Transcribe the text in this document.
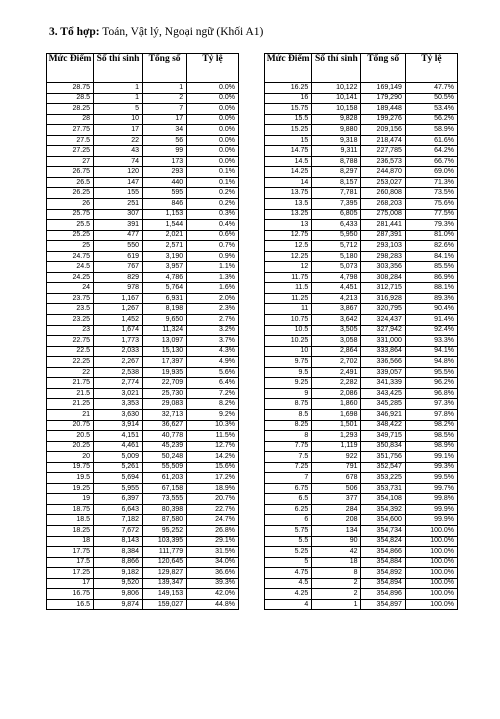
3. Tổ hợp: Toán, Vật lý, Ngoại ngữ (Khối A1)
Mức Điểm	Số thí sinh	Tổng số	Tỷ lệ
28.75	1	1	0.0%
28.5	1	2	0.0%
28.25	5	7	0.0%
28	10	17	0.0%
27.75	17	34	0.0%
27.5	22	56	0.0%
27.25	43	99	0.0%
27	74	173	0.0%
26.75	120	293	0.1%
26.5	147	440	0.1%
26.25	155	595	0.2%
26	251	846	0.2%
25.75	307	1,153	0.3%
25.5	391	1,544	0.4%
25.25	477	2,021	0.6%
25	550	2,571	0.7%
24.75	619	3,190	0.9%
24.5	767	3,957	1.1%
24.25	829	4,786	1.3%
24	978	5,764	1.6%
23.75	1,167	6,931	2.0%
23.5	1,267	8,198	2.3%
23.25	1,452	9,650	2.7%
23	1,674	11,324	3.2%
22.75	1,773	13,097	3.7%
22.5	2,033	15,130	4.3%
22.25	2,267	17,397	4.9%
22	2,538	19,935	5.6%
21.75	2,774	22,709	6.4%
21.5	3,021	25,730	7.2%
21.25	3,353	29,083	8.2%
21	3,630	32,713	9.2%
20.75	3,914	36,627	10.3%
20.5	4,151	40,778	11.5%
20.25	4,461	45,239	12.7%
20	5,009	50,248	14.2%
19.75	5,261	55,509	15.6%
19.5	5,694	61,203	17.2%
19.25	5,955	67,158	18.9%
19	6,397	73,555	20.7%
18.75	6,643	80,398	22.7%
18.5	7,182	87,580	24.7%
18.25	7,672	95,252	26.8%
18	8,143	103,395	29.1%
17.75	8,384	111,779	31.5%
17.5	8,866	120,645	34.0%
17.25	9,182	129,827	36.6%
17	9,520	139,347	39.3%
16.75	9,806	149,153	42.0%
16.5	9,874	159,027	44.8%
Mức Điểm	Số thí sinh	Tổng số	Tỷ lệ
16.25	10,122	169,149	47.7%
16	10,141	179,290	50.5%
15.75	10,158	189,448	53.4%
15.5	9,828	199,276	56.2%
15.25	9,880	209,156	58.9%
15	9,318	218,474	61.6%
14.75	9,311	227,785	64.2%
14.5	8,788	236,573	66.7%
14.25	8,297	244,870	69.0%
14	8,157	253,027	71.3%
13.75	7,781	260,808	73.5%
13.5	7,395	268,203	75.6%
13.25	6,805	275,008	77.5%
13	6,433	281,441	79.3%
12.75	5,950	287,391	81.0%
12.5	5,712	293,103	82.6%
12.25	5,180	298,283	84.1%
12	5,073	303,356	85.5%
11.75	4,798	308,284	86.9%
11.5	4,451	312,715	88.1%
11.25	4,213	316,928	89.3%
11	3,867	320,795	90.4%
10.75	3,642	324,437	91.4%
10.5	3,505	327,942	92.4%
10.25	3,058	331,000	93.3%
10	2,864	333,864	94.1%
9.75	2,702	336,566	94.8%
9.5	2,491	339,057	95.5%
9.25	2,282	341,339	96.2%
9	2,086	343,425	96.8%
8.75	1,860	345,285	97.3%
8.5	1,698	346,921	97.8%
8.25	1,501	348,422	98.2%
8	1,293	349,715	98.5%
7.75	1,119	350,834	98.9%
7.5	922	351,756	99.1%
7.25	791	352,547	99.3%
7	678	353,225	99.5%
6.75	506	353,731	99.7%
6.5	377	354,108	99.8%
6.25	284	354,392	99.9%
6	208	354,600	99.9%
5.75	134	354,734	100.0%
5.5	90	354,824	100.0%
5.25	42	354,866	100.0%
5	18	354,884	100.0%
4.75	8	354,892	100.0%
4.5	2	354,894	100.0%
4.25	2	354,896	100.0%
4	1	354,897	100.0%
